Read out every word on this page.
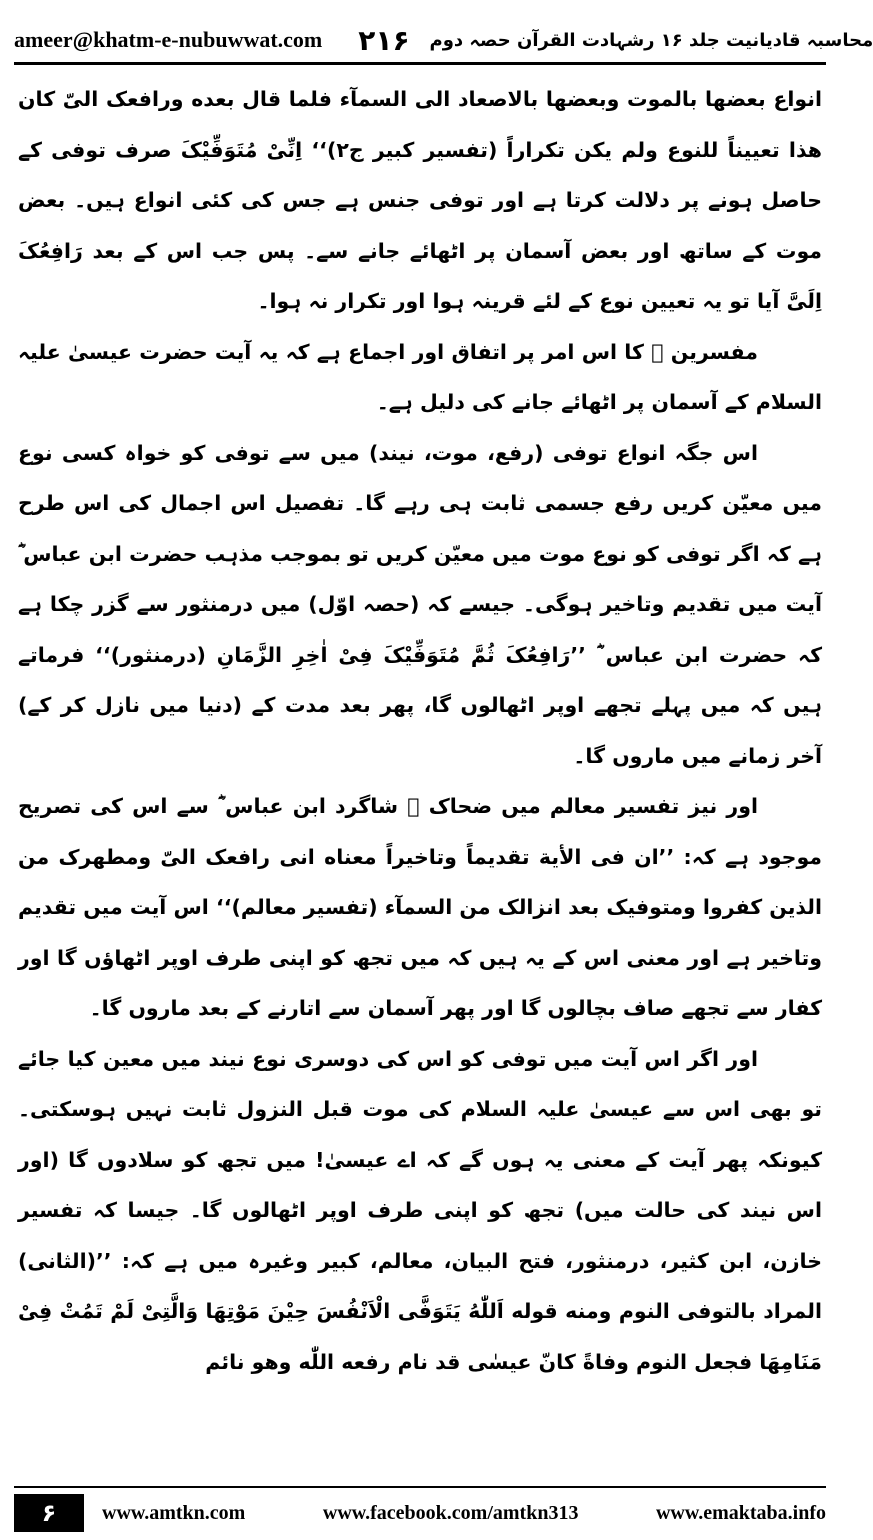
ameer@khatm-e-nubuwwat.com ۲۱۶ محاسبہ قادیانیت جلد ۱۶ رشہادت القرآن حصہ دوم

انواع بعضها بالموت وبعضها بالاصعاد الی السمآء فلما قال بعده ورافعک الیّ کان هذا تعییناً للنوع ولم یکن تکراراً (تفسیر کبیر ج۲)‘‘ اِنِّیْ مُتَوَفِّیْکَ صرف توفی کے حاصل ہونے پر دلالت کرتا ہے اور توفی جنس ہے جس کی کئی انواع ہیں۔ بعض موت کے ساتھ اور بعض آسمان پر اٹھائے جانے سے۔ پس جب اس کے بعد رَافِعُکَ اِلَیَّ آیا تو یہ تعیین نوع کے لئے قرینہ ہوا اور تکرار نہ ہوا۔

مفسرین ﷭ کا اس امر پر اتفاق اور اجماع ہے کہ یہ آیت حضرت عیسیٰ علیہ السلام کے آسمان پر اٹھائے جانے کی دلیل ہے۔

اس جگہ انواع توفی (رفع، موت، نیند) میں سے توفی کو خواہ کسی نوع میں معیّن کریں رفع جسمی ثابت ہی رہے گا۔ تفصیل اس اجمال کی اس طرح ہے کہ اگر توفی کو نوع موت میں معیّن کریں تو بموجب مذہب حضرت ابن عباس ؓ آیت میں تقدیم وتاخیر ہوگی۔ جیسے کہ (حصہ اوّل) میں درمنثور سے گزر چکا ہے کہ حضرت ابن عباس ؓ ’’رَافِعُکَ ثُمَّ مُتَوَفِّیْکَ فِیْ اٰخِرِ الزَّمَانِ (درمنثور)‘‘ فرماتے ہیں کہ میں پہلے تجھے اوپر اٹھالوں گا، پھر بعد مدت کے (دنیا میں نازل کر کے) آخر زمانے میں ماروں گا۔

اور نیز تفسیر معالم میں ضحاک ﷫ شاگرد ابن عباس ؓ سے اس کی تصریح موجود ہے کہ: ’’ان فی الأیة تقدیماً وتاخیراً معناه انی رافعک الیّ ومطهرک من الذین کفروا ومتوفیک بعد انزالک من السمآء (تفسیر معالم)‘‘ اس آیت میں تقدیم وتاخیر ہے اور معنی اس کے یہ ہیں کہ میں تجھ کو اپنی طرف اوپر اٹھاؤں گا اور کفار سے تجھے صاف بچالوں گا اور پھر آسمان سے اتارنے کے بعد ماروں گا۔

اور اگر اس آیت میں توفی کو اس کی دوسری نوع نیند میں معین کیا جائے تو بھی اس سے عیسیٰ علیہ السلام کی موت قبل النزول ثابت نہیں ہوسکتی۔ کیونکہ پھر آیت کے معنی یہ ہوں گے کہ اے عیسیٰ! میں تجھ کو سلادوں گا (اور اس نیند کی حالت میں) تجھ کو اپنی طرف اوپر اٹھالوں گا۔ جیسا کہ تفسیر خازن، ابن کثیر، درمنثور، فتح البیان، معالم، کبیر وغیرہ میں ہے کہ: ’’(الثانی) المراد بالتوفی النوم ومنه قوله اَللّٰهُ یَتَوَفَّی الْاَنْفُسَ حِیْنَ مَوْتِهَا وَالَّتِیْ لَمْ تَمُتْ فِیْ مَنَامِهَا فجعل النوم وفاةً کانّ عیسٰی قد نام رفعه اللّٰه وهو نائم

۶	www.amtkn.com	www.facebook.com/amtkn313	www.emaktaba.info
